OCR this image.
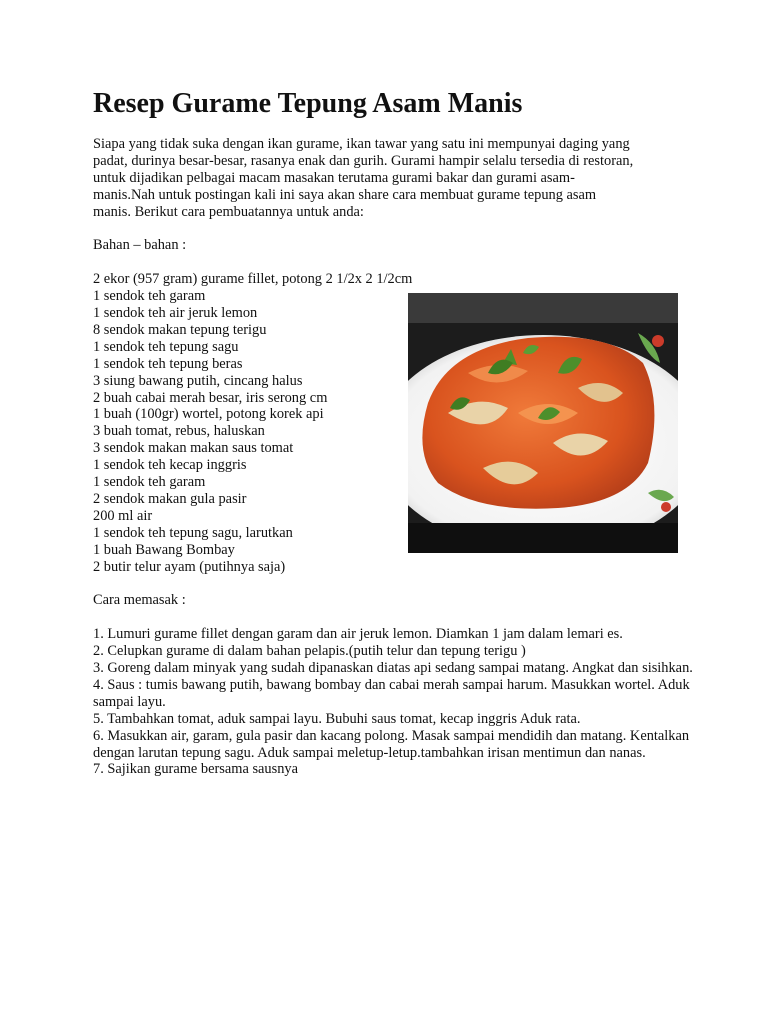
Resep Gurame Tepung Asam Manis

Siapa yang tidak suka dengan ikan gurame, ikan tawar yang satu ini mempunyai daging yang
padat, durinya besar-besar, rasanya enak dan gurih. Gurami hampir selalu tersedia di restoran,
untuk dijadikan pelbagai macam masakan terutama gurami bakar dan gurami asam-
manis.Nah untuk postingan kali ini saya akan share cara membuat gurame tepung asam
manis. Berikut cara pembuatannya untuk anda:

Bahan – bahan :

2 ekor (957 gram) gurame fillet, potong 2 1/2x 2 1/2cm
1 sendok teh garam
1 sendok teh air jeruk lemon
8 sendok makan tepung terigu
1 sendok teh tepung sagu
1 sendok teh tepung beras
3 siung bawang putih, cincang halus
2 buah cabai merah besar, iris serong cm
1 buah (100gr) wortel, potong korek api
3 buah tomat, rebus, haluskan
3 sendok makan makan saus tomat
1 sendok teh kecap inggris
1 sendok teh garam
2 sendok makan gula pasir
200 ml air
1 sendok teh tepung sagu, larutkan
1 buah Bawang Bombay
2 butir telur ayam (putihnya saja)

Cara memasak :

1. Lumuri gurame fillet dengan garam dan air jeruk lemon. Diamkan 1 jam dalam lemari es.
2. Celupkan gurame di dalam bahan pelapis.(putih telur dan tepung terigu )
3. Goreng dalam minyak yang sudah dipanaskan diatas api sedang sampai matang. Angkat dan sisihkan.
4. Saus : tumis bawang putih, bawang bombay dan cabai merah sampai harum. Masukkan wortel. Aduk sampai layu.
5. Tambahkan tomat, aduk sampai layu. Bubuhi saus tomat, kecap inggris Aduk rata.
6. Masukkan air, garam, gula pasir dan kacang polong. Masak sampai mendidih dan matang. Kentalkan dengan larutan tepung sagu. Aduk sampai meletup-letup.tambahkan irisan mentimun dan nanas.
7. Sajikan gurame bersama sausnya
